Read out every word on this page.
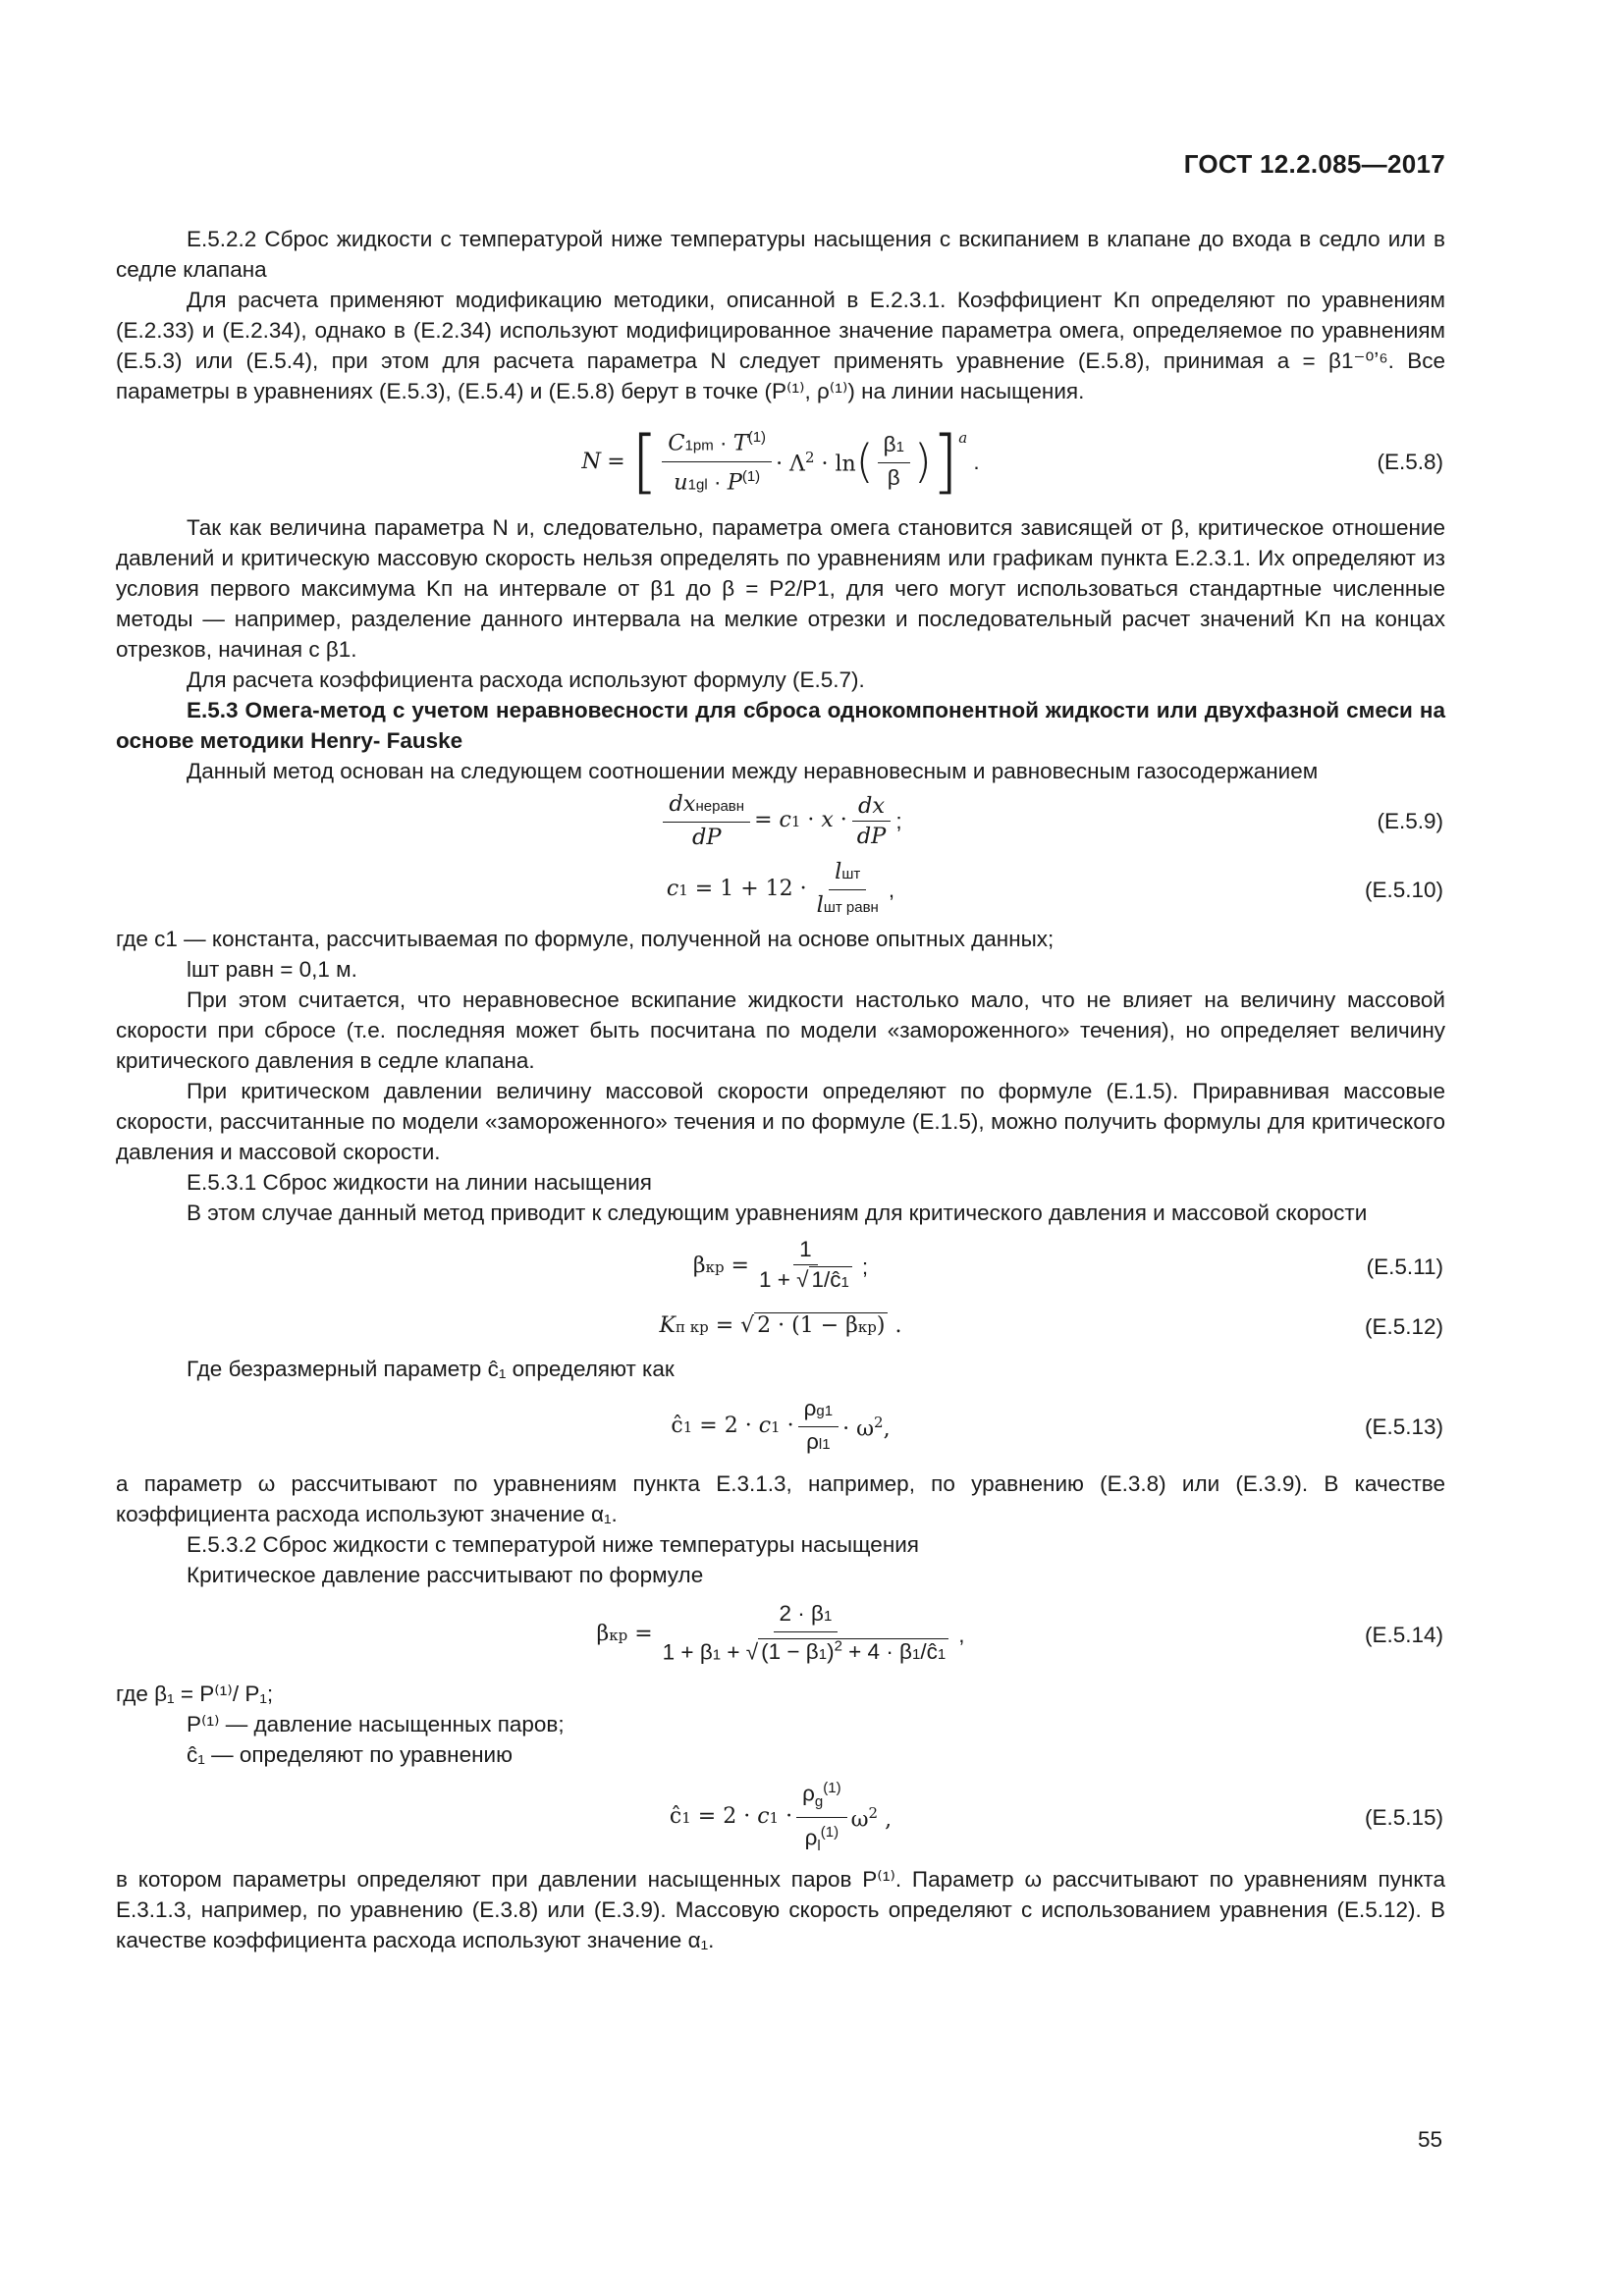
ГОСТ 12.2.085—2017

E.5.2.2 Сброс жидкости с температурой ниже температуры насыщения с вскипанием в клапане до входа в седло или в седле клапана

Для расчета применяют модификацию методики, описанной в E.2.3.1. Коэффициент Kп определяют по уравнениям (E.2.33) и (E.2.34), однако в (E.2.34) используют модифицированное значение параметра омега, определяемое по уравнениям (E.5.3) или (E.5.4), при этом для расчета параметра N следует применять уравнение (E.5.8), принимая a = β1⁻⁰ʼ⁶. Все параметры в уравнениях (E.5.3), (E.5.4) и (E.5.8) берут в точке (P⁽¹⁾, ρ⁽¹⁾) на линии насыщения.

N
=
[ $\frac{C1pm \cdot T^{(1)}}{u1gl \cdot P^{(1)}} \cdot \Lambda^2 \cdot \ln$ ( $\frac{\beta 1}{\beta}$ ) ]$^a$
.	(E.5.8)

Так как величина параметра N и, следовательно, параметра омега становится зависящей от β, критическое отношение давлений и критическую массовую скорость нельзя определять по уравнениям или графикам пункта E.2.3.1. Их определяют из условия первого максимума Kп на интервале от β1 до β = P2/P1, для чего могут использоваться стандартные численные методы — например, разделение данного интервала на мелкие отрезки и последовательный расчет значений Kп на концах отрезков, начиная с β1.

Для расчета коэффициента расхода используют формулу (E.5.7).

E.5.3 Омега-метод с учетом неравновесности для сброса однокомпонентной жидкости или двухфазной смеси на основе методики Henry- Fauske

Данный метод основан на следующем соотношении между неравновесным и равновесным газосодержанием

$\frac{\text{dxнеравн}}{dP} = c1 \cdot x \cdot \frac{dx}{dP}$ ;	(E.5.9)
$c1 = 1 + 12 \cdot \frac{\text{lшт}}{\text{lшт равн}}$ ,	(E.5.10)

где c1 — константа, рассчитываемая по формуле, полученной на основе опытных данных;

lшт равн = 0,1 м.

При этом считается, что неравновесное вскипание жидкости настолько мало, что не влияет на величину массовой скорости при сбросе (т.е. последняя может быть посчитана по модели «замороженного» течения), но определяет величину критического давления в седле клапана.

При критическом давлении величину массовой скорости определяют по формуле (E.1.5). Приравнивая массовые скорости, рассчитанные по модели «замороженного» течения и по формуле (E.1.5), можно получить формулы для критического давления и массовой скорости.

E.5.3.1 Сброс жидкости на линии насыщения

В этом случае данный метод приводит к следующим уравнениям для критического давления и массовой скорости

$\beta кр = \frac{1}{1 + √ 1/ĉ1}$ ;	(E.5.11)
Kп кр = √ 2 · (1 − βкр) .	(E.5.12)

Где безразмерный параметр ĉ₁ определяют как

ĉ1 = $2 \cdot c1 \cdot \frac{\rho g1}{\rho l1} \cdot \omega^2$,	(E.5.13)

а параметр ω рассчитывают по уравнениям пункта E.3.1.3, например, по уравнению (E.3.8) или (E.3.9). В качестве коэффициента расхода используют значение α₁.

E.5.3.2 Сброс жидкости с температурой ниже температуры насыщения

Критическое давление рассчитывают по формуле

$\beta кр = \frac{2 \cdot \beta 1}{1 + \beta 1 + √ (1 - \beta 1)^2 + 4 \cdot \beta 1/ĉ1}$ ,	(E.5.14)

где β₁ = P⁽¹⁾/ P₁;

P⁽¹⁾ — давление насыщенных паров;

ĉ₁ — определяют по уравнению

ĉ1 = $2 \cdot c1 \cdot \frac{\rho_g^{(1)}}{\rho_l^{(1)}} \omega^2$ ,	(E.5.15)

в котором параметры определяют при давлении насыщенных паров P⁽¹⁾. Параметр ω рассчитывают по уравнениям пункта E.3.1.3, например, по уравнению (E.3.8) или (E.3.9). Массовую скорость определяют с использованием уравнения (E.5.12). В качестве коэффициента расхода используют значение α₁.

55
